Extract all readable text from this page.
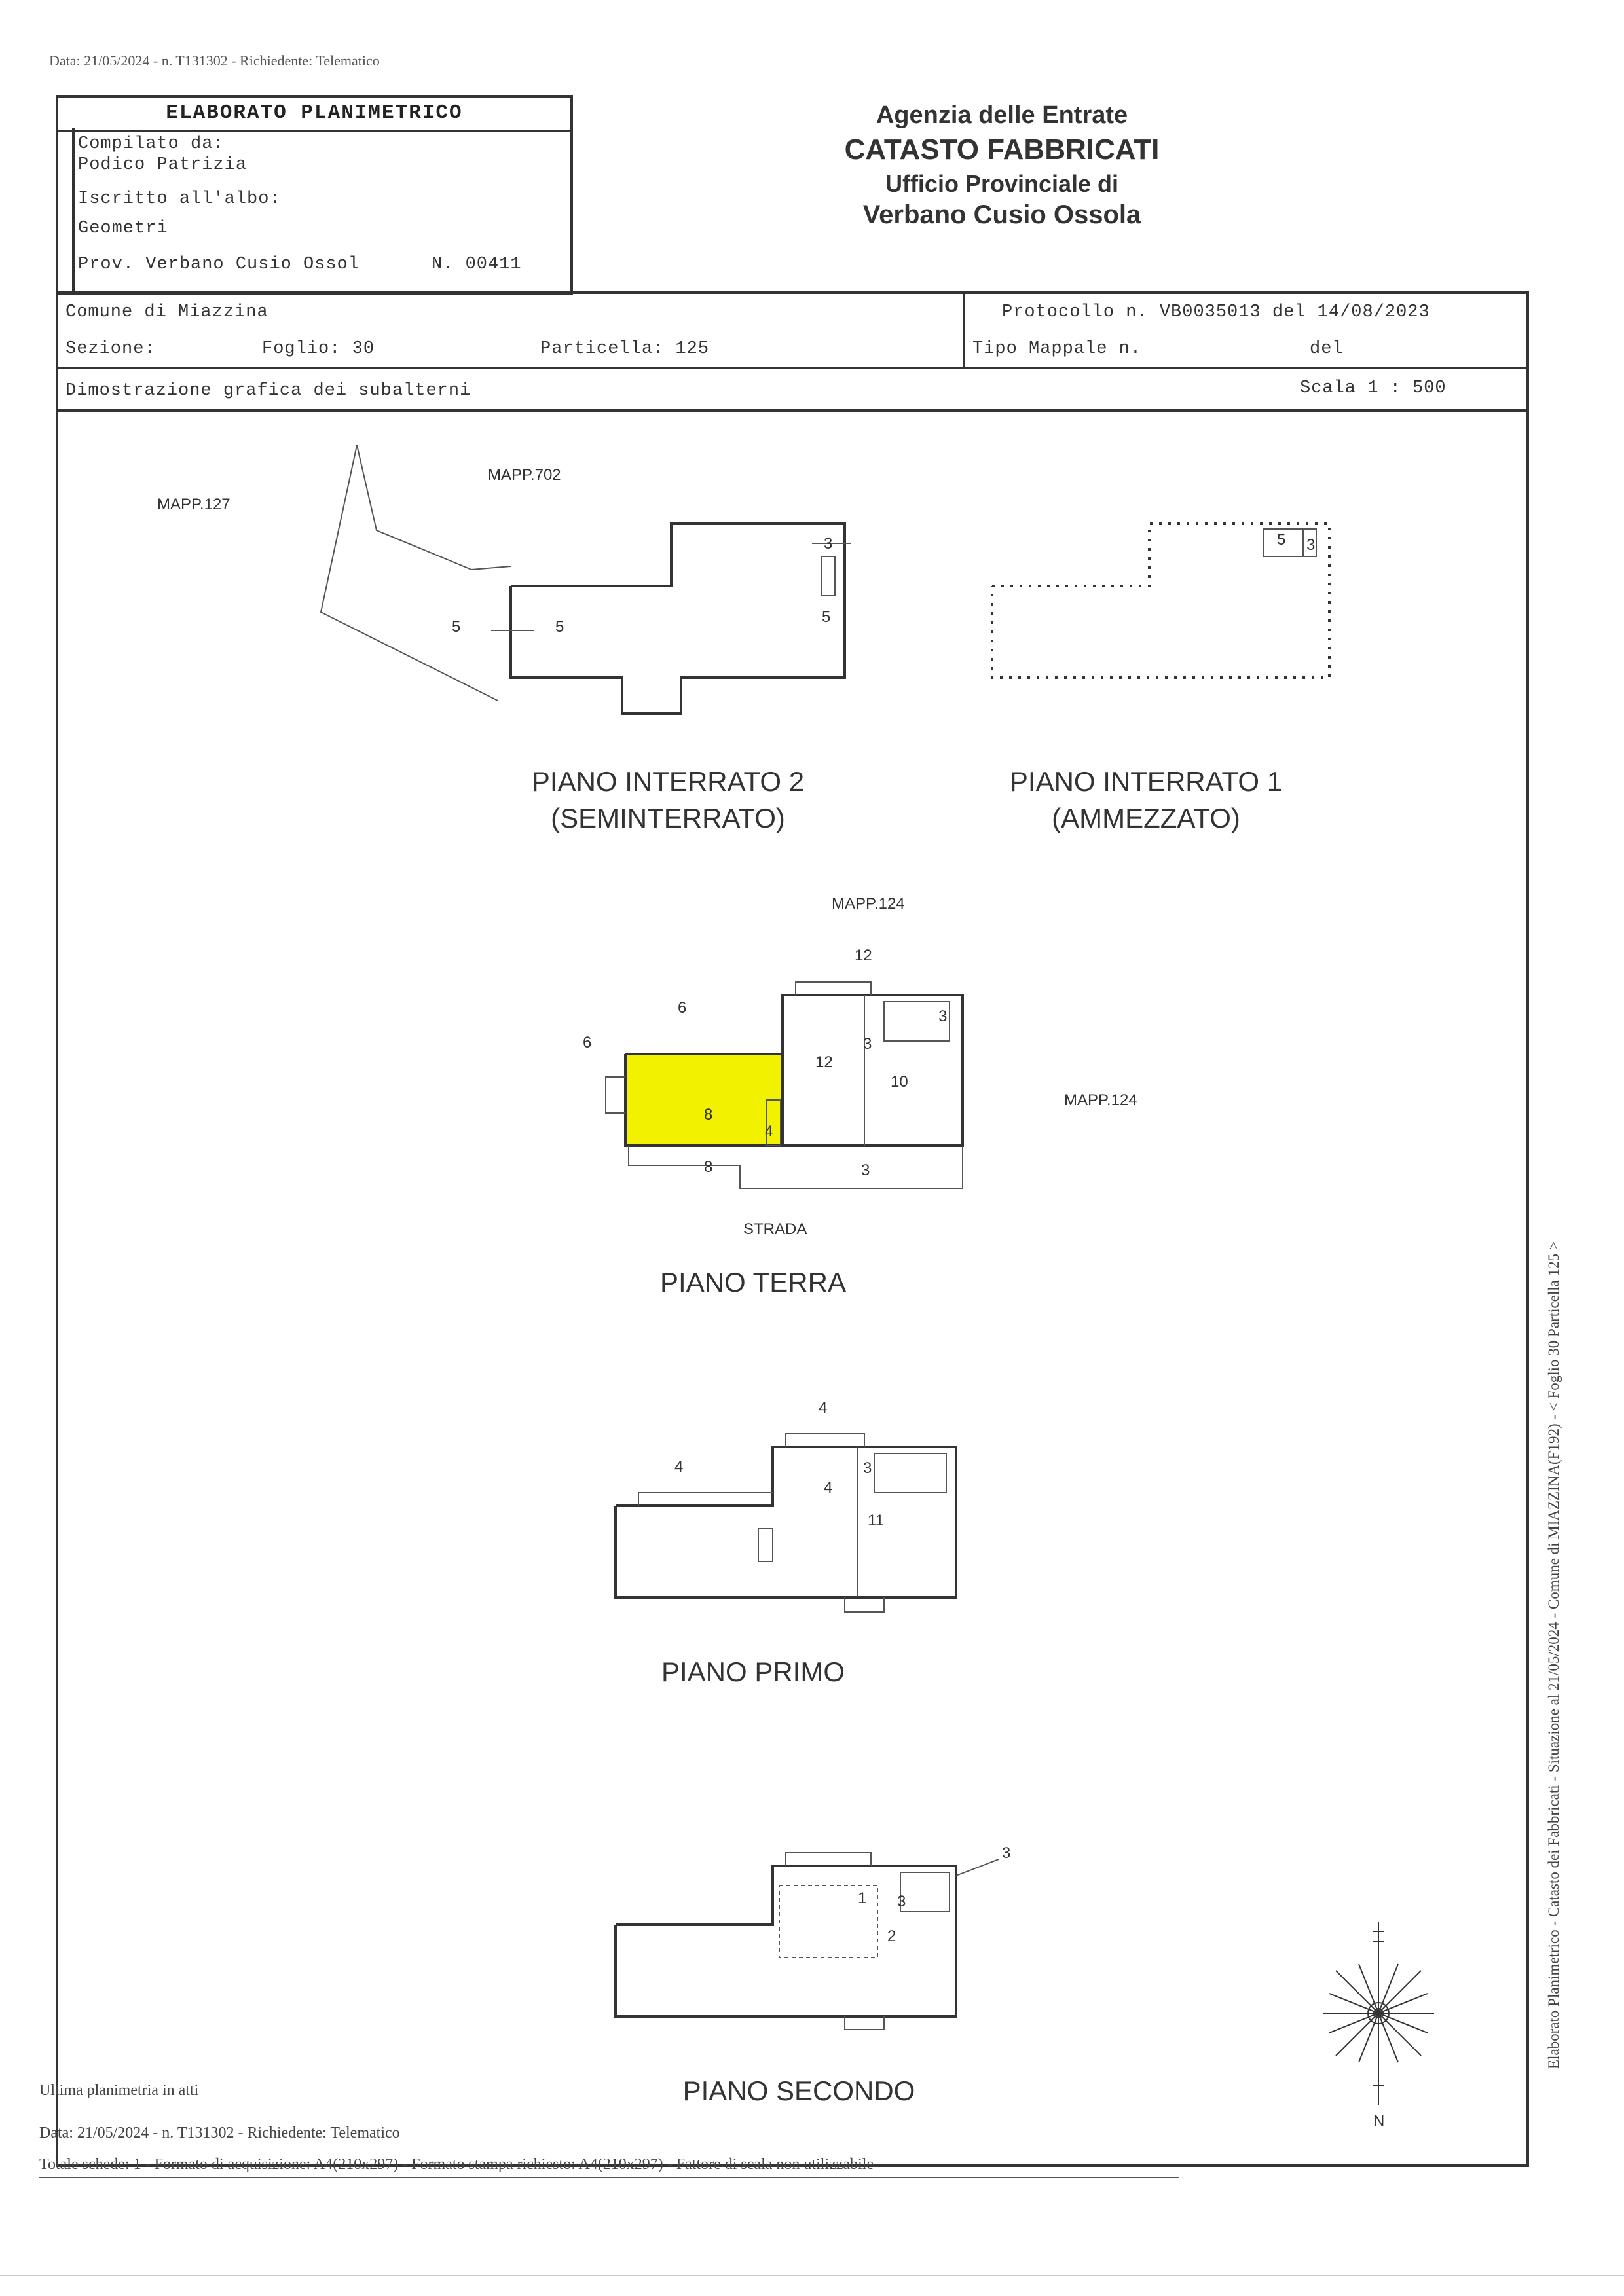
Data: 21/05/2024 - n. T131302 - Richiedente: Telematico
ELABORATO PLANIMETRICO
Compilato da:
Podico Patrizia
Iscritto all'albo:
Geometri
Prov. Verbano Cusio Ossol	N. 00411
Agenzia delle Entrate
CATASTO FABBRICATI
Ufficio Provinciale di
Verbano Cusio Ossola
Comune di Miazzina
Sezione:	Foglio: 30	Particella: 125
Protocollo n. VB0035013 del 14/08/2023
Tipo Mappale n.	del
Dimostrazione grafica dei subalterni	Scala 1 : 500
MAPP.127
MAPP.702
5	5
5
3	5 3
MAPP.124
MAPP.124
STRADA
12
12
3
3
3
10
6
6
8
8
4
4
4
4
3
11
1
2
3
3
N
PIANO INTERRATO 2
(SEMINTERRATO)
PIANO INTERRATO 1
(AMMEZZATO)
PIANO TERRA
PIANO PRIMO
PIANO SECONDO
Elaborato Planimetrico - Catasto dei Fabbricati - Situazione al 21/05/2024 - Comune di MIAZZINA(F192) - < Foglio 30 Particella 125 >
Ultima planimetria in atti
Data: 21/05/2024 - n. T131302 - Richiedente: Telematico
Totale schede: 1 - Formato di acquisizione: A4(210x297) - Formato stampa richiesto: A4(210x297) - Fattore di scala non utilizzabile
